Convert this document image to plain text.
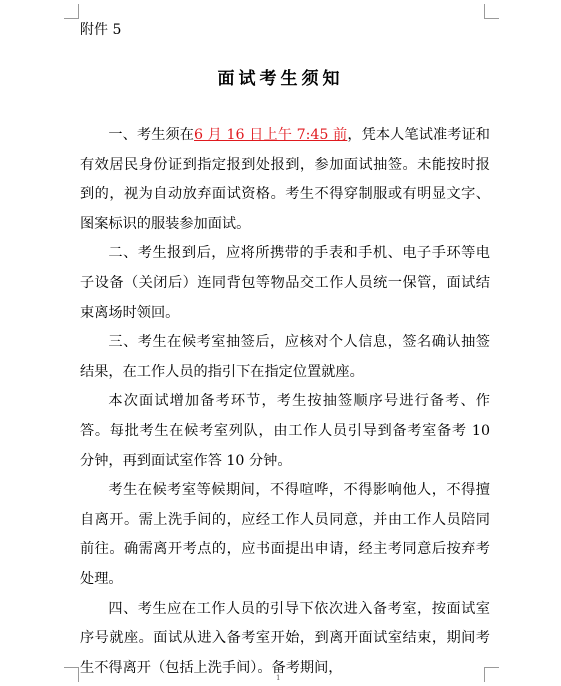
附件 5
面试考生须知

一、考生须在6 月 16 日上午 7:45 前，凭本人笔试准考证和有效居民身份证到指定报到处报到，参加面试抽签。未能按时报到的，视为自动放弃面试资格。考生不得穿制服或有明显文字、图案标识的服装参加面试。

二、考生报到后，应将所携带的手表和手机、电子手环等电子设备（关闭后）连同背包等物品交工作人员统一保管，面试结束离场时领回。

三、考生在候考室抽签后，应核对个人信息，签名确认抽签结果，在工作人员的指引下在指定位置就座。

本次面试增加备考环节，考生按抽签顺序号进行备考、作答。每批考生在候考室列队，由工作人员引导到备考室备考 10 分钟，再到面试室作答 10 分钟。

考生在候考室等候期间，不得喧哗，不得影响他人，不得擅自离开。需上洗手间的，应经工作人员同意，并由工作人员陪同前往。确需离开考点的，应书面提出申请，经主考同意后按弃考处理。

四、考生应在工作人员的引导下依次进入备考室，按面试室序号就座。面试从进入备考室开始，到离开面试室结束，期间考生不得离开（包括上洗手间）。备考期间，

1
